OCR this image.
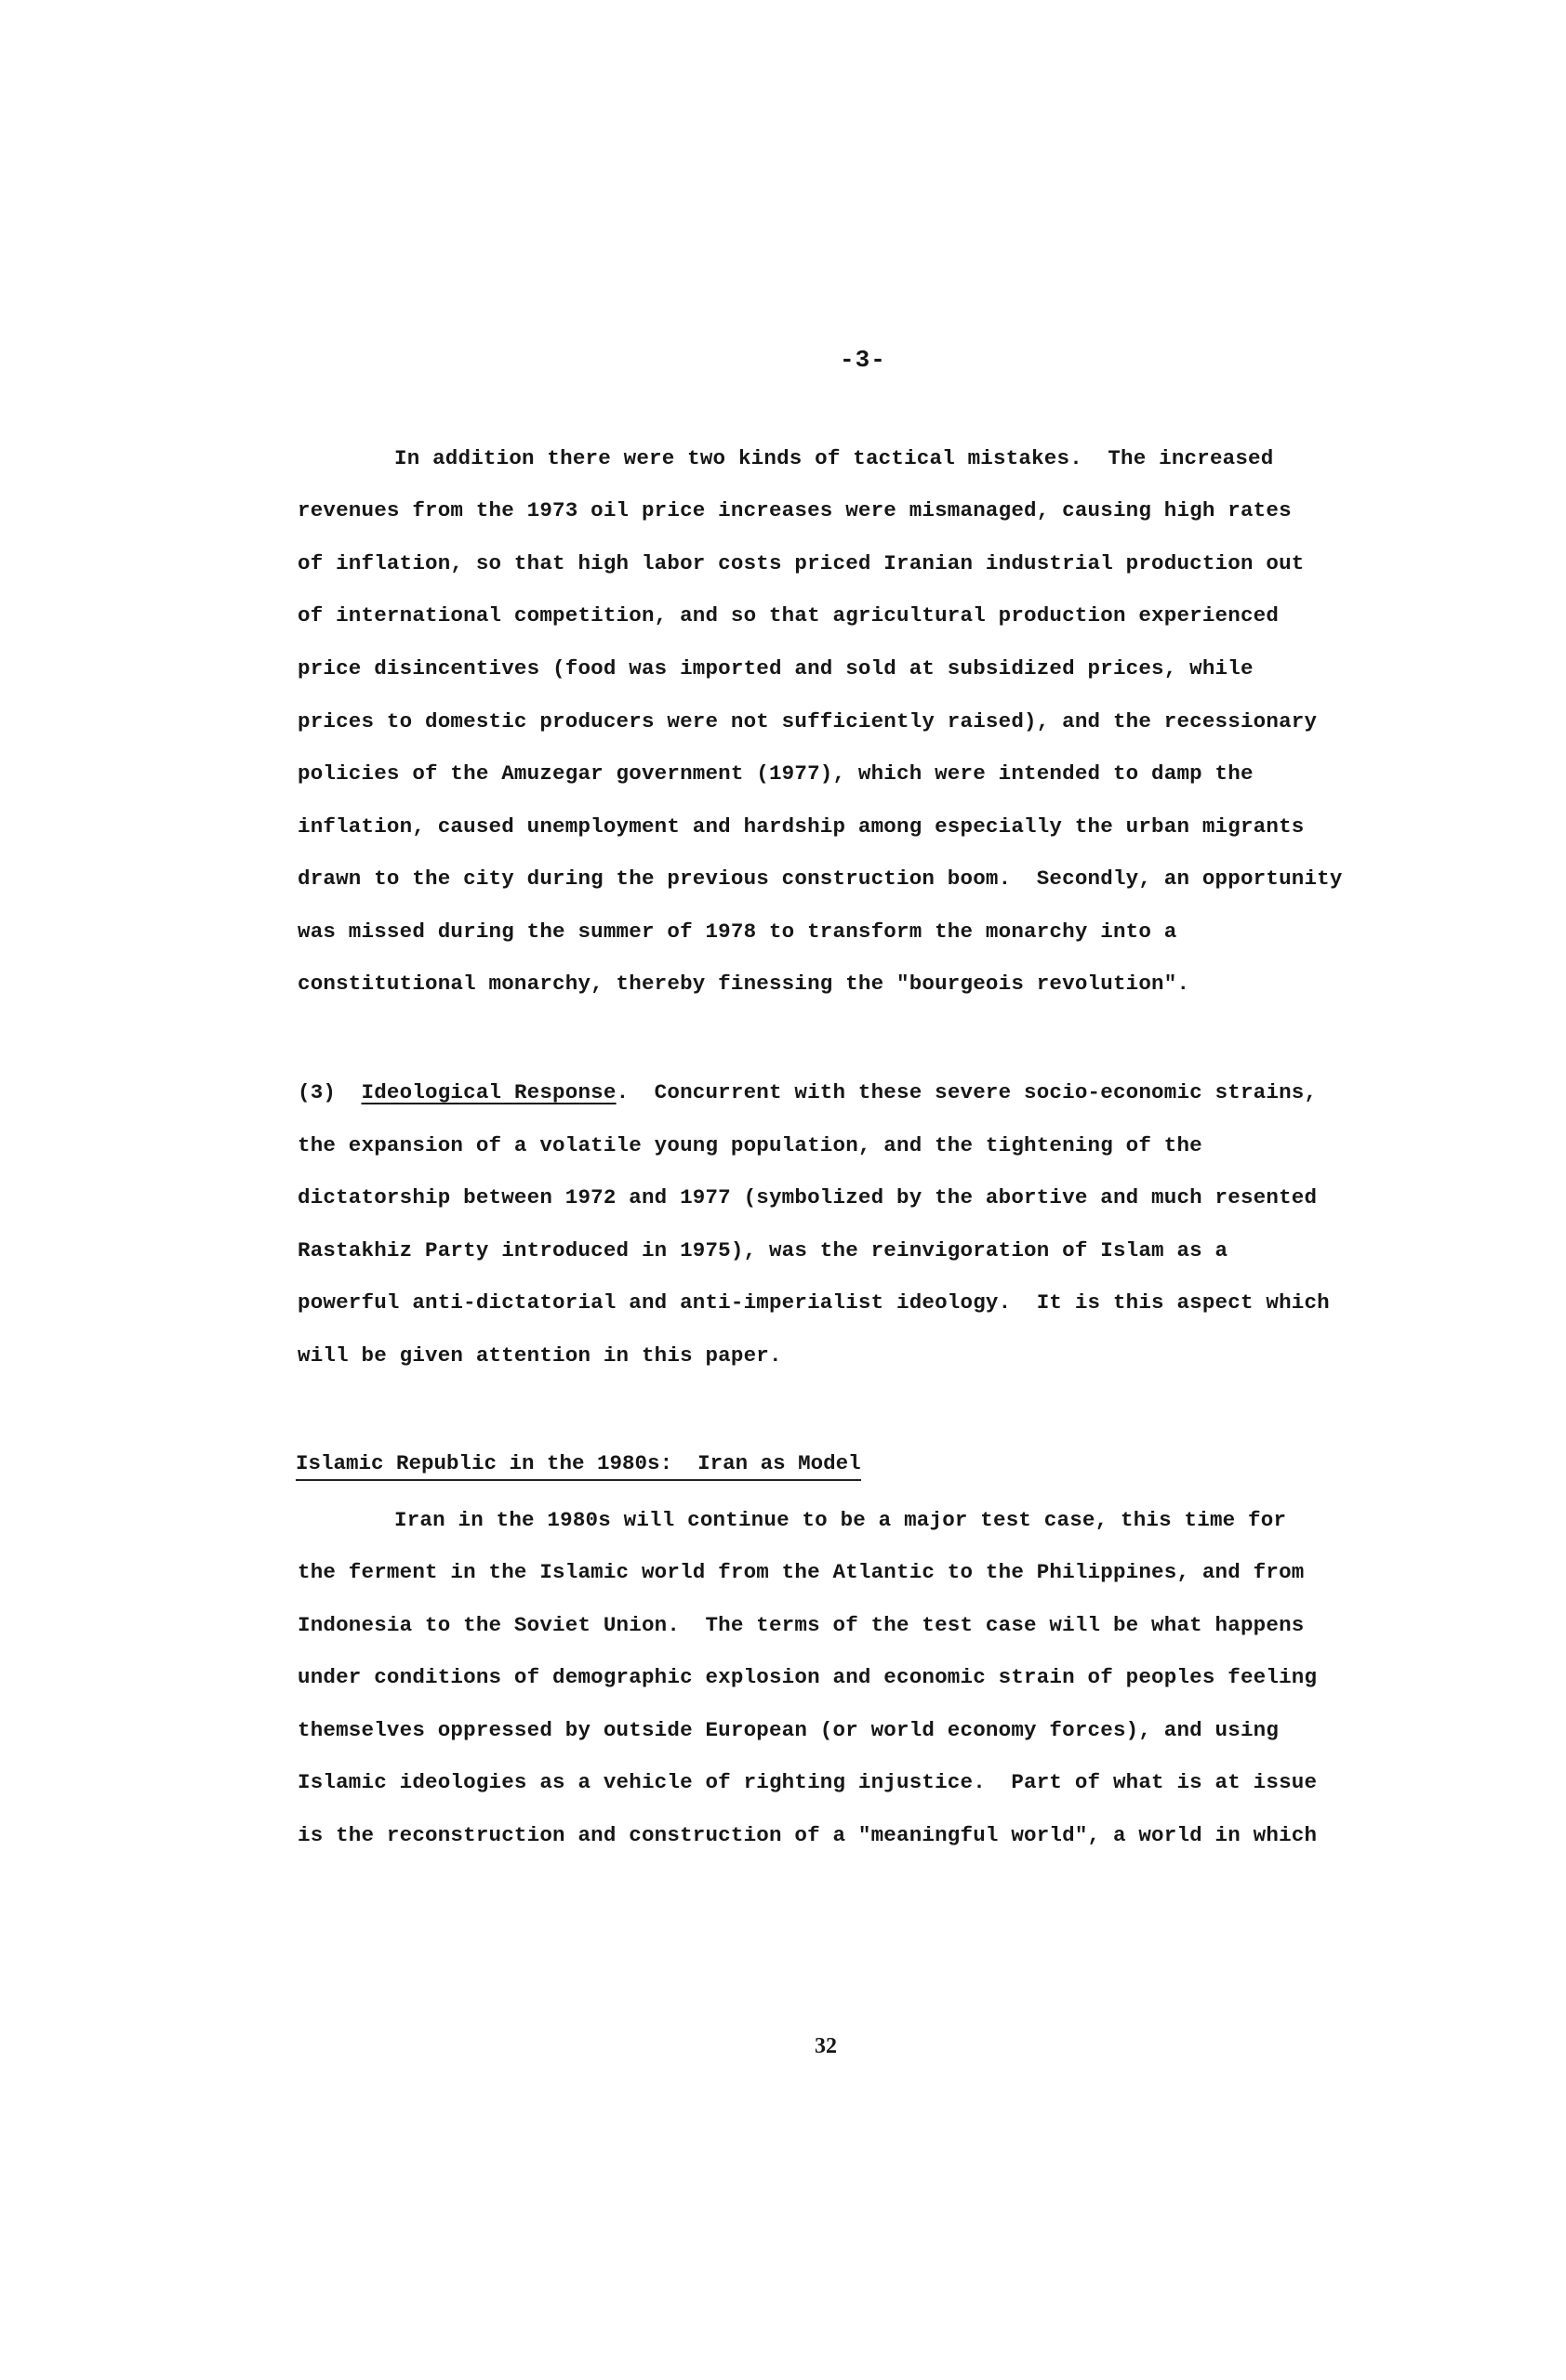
-3-
In addition there were two kinds of tactical mistakes.  The increased
revenues from the 1973 oil price increases were mismanaged, causing high rates
of inflation, so that high labor costs priced Iranian industrial production out
of international competition, and so that agricultural production experienced
price disincentives (food was imported and sold at subsidized prices, while
prices to domestic producers were not sufficiently raised), and the recessionary
policies of the Amuzegar government (1977), which were intended to damp the
inflation, caused unemployment and hardship among especially the urban migrants
drawn to the city during the previous construction boom.  Secondly, an opportunity
was missed during the summer of 1978 to transform the monarchy into a
constitutional monarchy, thereby finessing the "bourgeois revolution".
(3) Ideological Response.  Concurrent with these severe socio-economic strains,
the expansion of a volatile young population, and the tightening of the
dictatorship between 1972 and 1977 (symbolized by the abortive and much resented
Rastakhiz Party introduced in 1975), was the reinvigoration of Islam as a
powerful anti-dictatorial and anti-imperialist ideology.  It is this aspect which
will be given attention in this paper.
Islamic Republic in the 1980s:  Iran as Model
Iran in the 1980s will continue to be a major test case, this time for
the ferment in the Islamic world from the Atlantic to the Philippines, and from
Indonesia to the Soviet Union.  The terms of the test case will be what happens
under conditions of demographic explosion and economic strain of peoples feeling
themselves oppressed by outside European (or world economy forces), and using
Islamic ideologies as a vehicle of righting injustice.  Part of what is at issue
is the reconstruction and construction of a "meaningful world", a world in which
32
